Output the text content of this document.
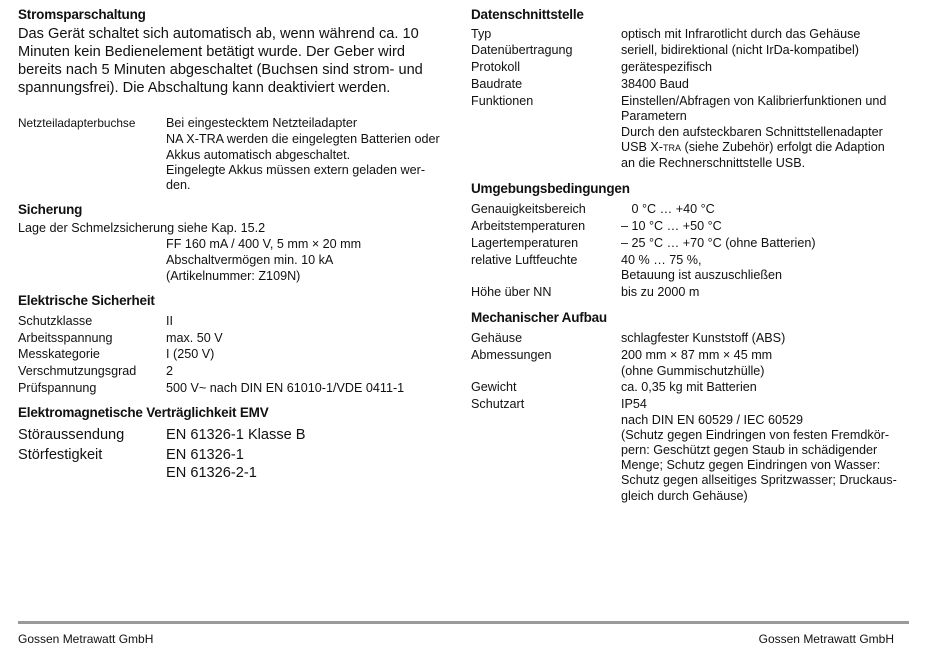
Stromsparschaltung
Das Gerät schaltet sich automatisch ab, wenn während ca. 10
Minuten kein Bedienelement betätigt wurde. Der Geber wird
bereits nach 5 Minuten abgeschaltet (Buchsen sind strom- und
spannungsfrei). Die Abschaltung kann deaktiviert werden.
Netzteiladapterbuchse Bei eingestecktem Netzteiladapter
NA X-TRA werden die eingelegten Batterien oder
Akkus automatisch abgeschaltet.
Eingelegte Akkus müssen extern geladen wer-
den.
Sicherung
Lage der Schmelzsicherung siehe Kap. 15.2
FF 160 mA / 400 V, 5 mm × 20 mm
Abschaltvermögen min. 10 kA
(Artikelnummer: Z109N)
Elektrische Sicherheit
Schutzklasse	II
Arbeitsspannung	max. 50 V
Messkategorie	I (250 V)
Verschmutzungsgrad 2
Prüfspannung	500 V~ nach DIN EN 61010-1/VDE 0411-1
Elektromagnetische Verträglichkeit EMV
Störaussendung	EN 61326-1 Klasse B
Störfestigkeit	EN 61326-1
EN 61326-2-1
Datenschnittstelle
Typ	optisch mit Infrarotlicht durch das Gehäuse
Datenübertragung	seriell, bidirektional (nicht IrDa-kompatibel)
Protokoll	gerätespezifisch
Baudrate	38400 Baud
Funktionen	Einstellen/Abfragen von Kalibrierfunktionen und
Parametern
Durch den aufsteckbaren Schnittstellenadapter
USB X-tra (siehe Zubehör) erfolgt die Adaption
an die Rechnerschnittstelle USB.
Umgebungsbedingungen
Genauigkeitsbereich	0 °C … +40 °C
Arbeitstemperaturen	– 10 °C … +50 °C
Lagertemperaturen	– 25 °C … +70 °C (ohne Batterien)
relative Luftfeuchte	40 % … 75 %,
Betauung ist auszuschließen
Höhe über NN	bis zu 2000 m
Mechanischer Aufbau
Gehäuse	schlagfester Kunststoff (ABS)
Abmessungen	200 mm × 87 mm × 45 mm
(ohne Gummischutzhülle)
Gewicht	ca. 0,35 kg mit Batterien
Schutzart	IP54
nach DIN EN 60529 / IEC 60529
(Schutz gegen Eindringen von festen Fremdkör-
pern: Geschützt gegen Staub in schädigender
Menge; Schutz gegen Eindringen von Wasser:
Schutz gegen allseitiges Spritzwasser; Druckaus-
gleich durch Gehäuse)
Gossen Metrawatt GmbH	Gossen Metrawatt GmbH
